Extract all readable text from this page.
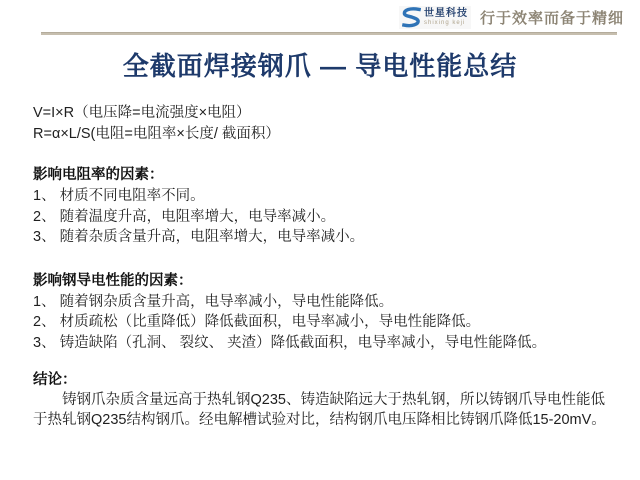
世星科技
shixing keji 行于效率而备于精细
全截面焊接钢爪 — 导电性能总结

V=I×R（电压降=电流强度×电阻）

R=α×L/S(电阻=电阻率×长度/ 截面积）

影响电阻率的因素：

1、 材质不同电阻率不同。

2、 随着温度升高，电阻率增大，电导率减小。

3、 随着杂质含量升高，电阻率增大，电导率减小。

影响钢导电性能的因素：

1、 随着钢杂质含量升高，电导率减小，导电性能降低。

2、 材质疏松（比重降低）降低截面积，电导率减小，导电性能降低。

3、 铸造缺陷（孔洞、 裂纹、 夹渣）降低截面积，电导率减小，导电性能降低。

结论：

铸钢爪杂质含量远高于热轧钢Q235、铸造缺陷远大于热轧钢，所以铸钢爪导电性能低于热轧钢Q235结构钢爪。经电解槽试验对比，结构钢爪电压降相比铸钢爪降低15-20mV。
